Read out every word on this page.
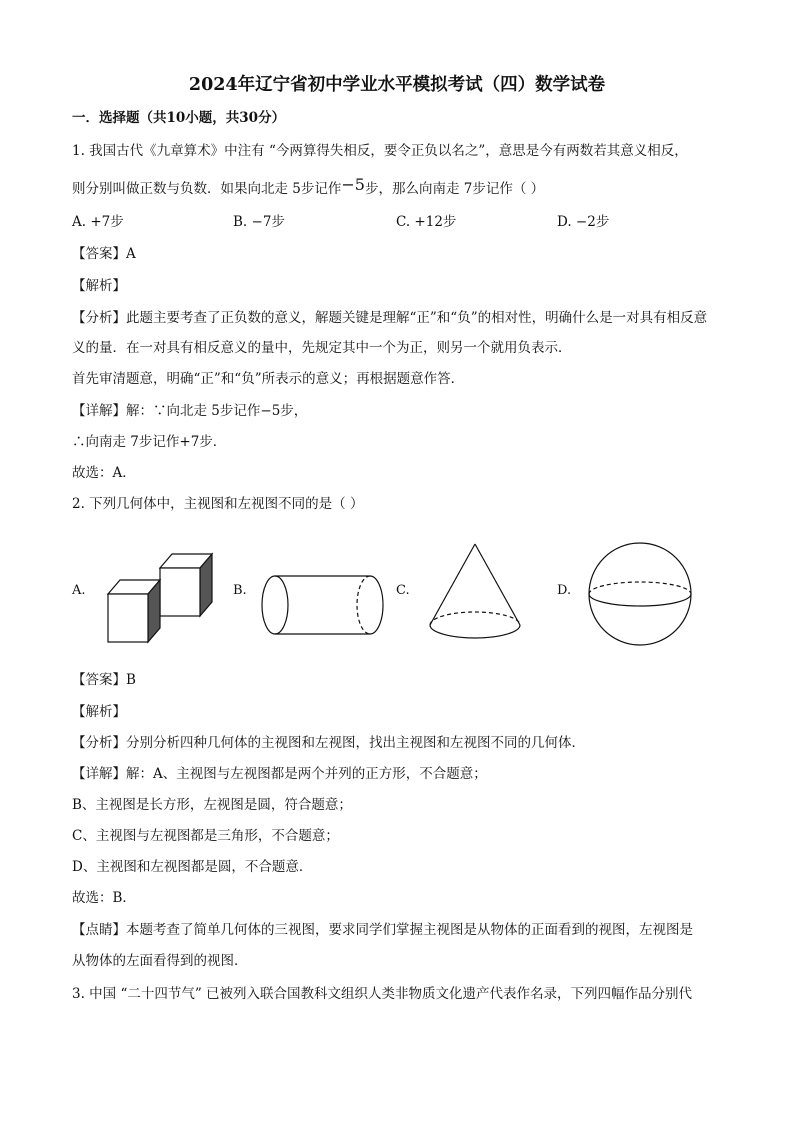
2024年辽宁省初中学业水平模拟考试（四）数学试卷
一．选择题（共10小题，共30分）
1. 我国古代《九章算术》中注有 “今两算得失相反，要令正负以名之”，意思是今有两数若其意义相反，
则分别叫做正数与负数．如果向北走 5步记作−5步，那么向南走 7步记作（ ）
A. +7步	B. −7步	C. +12步	D. −2步
【答案】A
【解析】
【分析】此题主要考查了正负数的意义，解题关键是理解“正”和“负”的相对性，明确什么是一对具有相反意
义的量．在一对具有相反意义的量中，先规定其中一个为正，则另一个就用负表示．
首先审清题意，明确“正”和“负”所表示的意义；再根据题意作答．
【详解】解：∵向北走 5步记作−5步，
∴向南走 7步记作+7步．
故选：A．
2. 下列几何体中，主视图和左视图不同的是（ ）
A.	B.	C.	D.
【答案】B
【解析】
【分析】分别分析四种几何体的主视图和左视图，找出主视图和左视图不同的几何体．
【详解】解：A、主视图与左视图都是两个并列的正方形，不合题意；
B、主视图是长方形，左视图是圆，符合题意；
C、主视图与左视图都是三角形，不合题意；
D、主视图和左视图都是圆，不合题意．
故选：B．
【点睛】本题考查了简单几何体的三视图，要求同学们掌握主视图是从物体的正面看到的视图，左视图是
从物体的左面看得到的视图．
3. 中国 “二十四节气” 已被列入联合国教科文组织人类非物质文化遗产代表作名录，下列四幅作品分别代
